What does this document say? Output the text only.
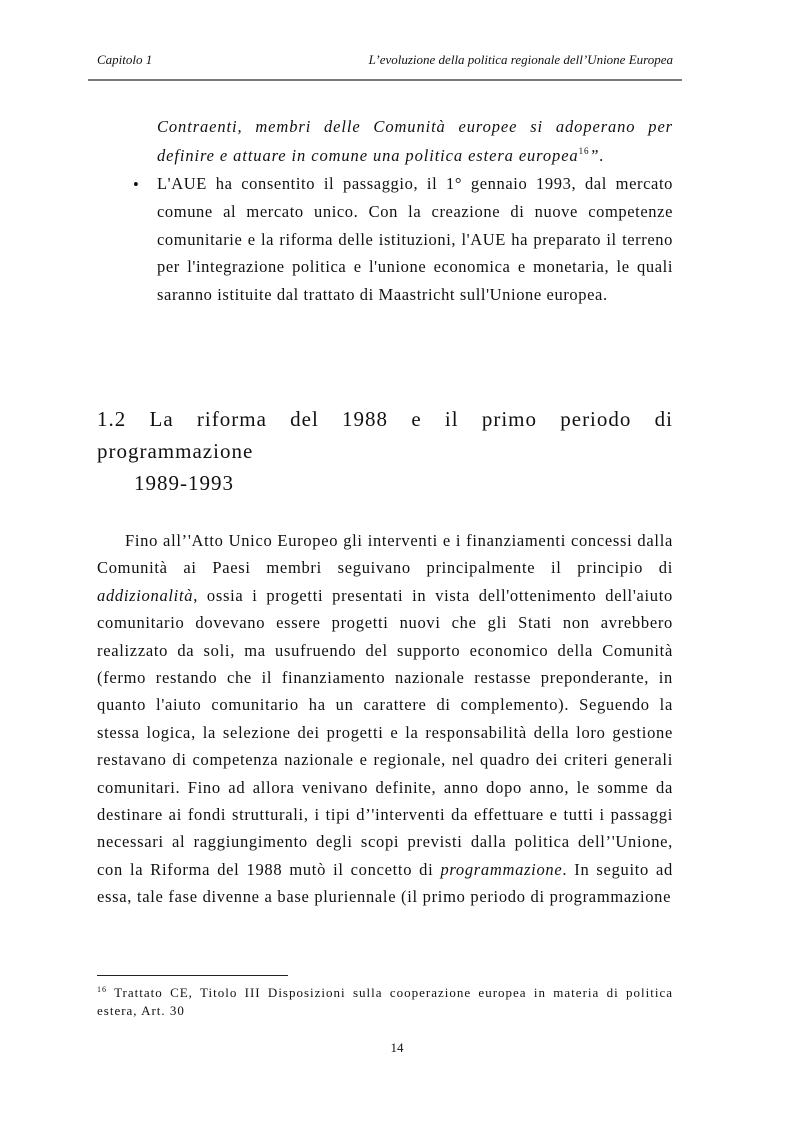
Capitolo 1	L’evoluzione della politica regionale dell’Unione Europea
Contraenti, membri delle Comunità europee si adoperano per
definire e attuare in comune una politica estera europea$^{16}$”.
• L'AUE ha consentito il passaggio, il 1° gennaio 1993, dal mercato comune al mercato unico. Con la creazione di nuove competenze comunitarie e la riforma delle istituzioni, l'AUE ha preparato il terreno per l'integrazione politica e l'unione economica e monetaria, le quali saranno istituite dal trattato di Maastricht sull'Unione europea.
1.2 La riforma del 1988 e il primo periodo di programmazione
1989-1993
Fino all’'Atto Unico Europeo gli interventi e i finanziamenti concessi dalla Comunità ai Paesi membri seguivano principalmente il principio di addizionalità, ossia i progetti presentati in vista dell'ottenimento dell'aiuto comunitario dovevano essere progetti nuovi che gli Stati non avrebbero realizzato da soli, ma usufruendo del supporto economico della Comunità (fermo restando che il finanziamento nazionale restasse preponderante, in quanto l'aiuto comunitario ha un carattere di complemento). Seguendo la stessa logica, la selezione dei progetti e la responsabilità della loro gestione restavano di competenza nazionale e regionale, nel quadro dei criteri generali comunitari. Fino ad allora venivano definite, anno dopo anno, le somme da destinare ai fondi strutturali, i tipi d’'interventi da effettuare e tutti i passaggi necessari al raggiungimento degli scopi previsti dalla politica dell’'Unione, con la Riforma del 1988 mutò il concetto di programmazione. In seguito ad essa, tale fase divenne a base pluriennale (il primo periodo di programmazione
$^{16}$ Trattato CE, Titolo III Disposizioni sulla cooperazione europea in materia di politica estera, Art. 30
14
